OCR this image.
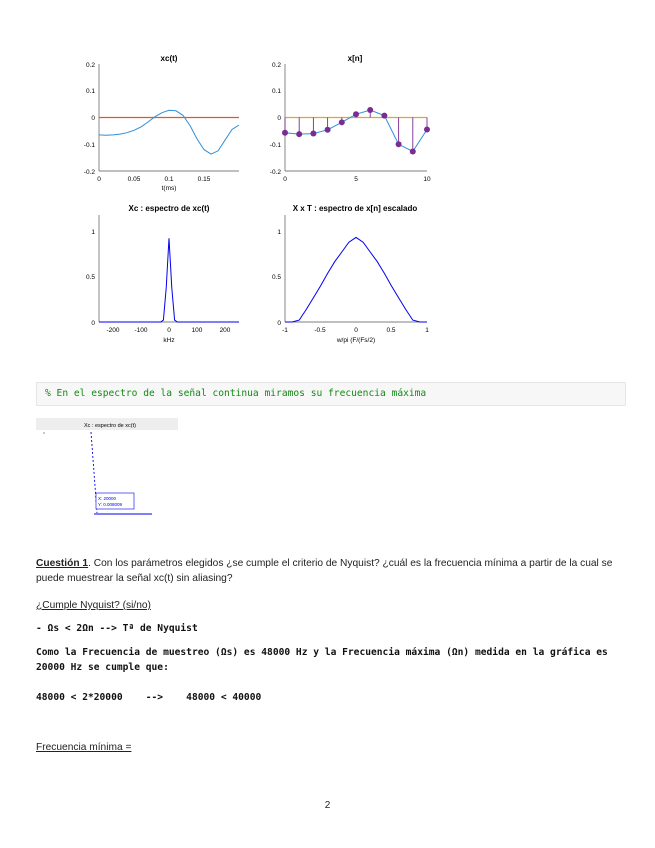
xc(t)
0.2
0.1
0
-0.1
-0.2
0	0.05	0.1	0.15
t(ms)
x[n]
0.2
0.1
0
-0.1
-0.2
0	5	10
Xc : espectro de xc(t)
1
0.5
0
-200 -100	0	100	200
kHz
X x T : espectro de x[n] escalado
1
0.5
0
-1	-0.5	0	0.5	1
w/pi (F/(Fs/2)
% En el espectro de la señal continua miramos su frecuencia máxima
Xc : espectro de xc(t)
X: 20000
Y: 0.008009
Cuestión 1. Con los parámetros elegidos ¿se cumple el criterio de Nyquist? ¿cuál es la frecuencia mínima a partir de la cual se puede muestrear la señal xc(t) sin aliasing?
¿Cumple Nyquist? (si/no)
- Ωs < 2Ωn --> Tª de Nyquist
Como la Frecuencia de muestreo (Ωs) es 48000 Hz y la Frecuencia máxima (Ωn) medida en la gráfica es 20000 Hz se cumple que:
48000 < 2*20000    -->    48000 < 40000
Frecuencia mínima =
2
